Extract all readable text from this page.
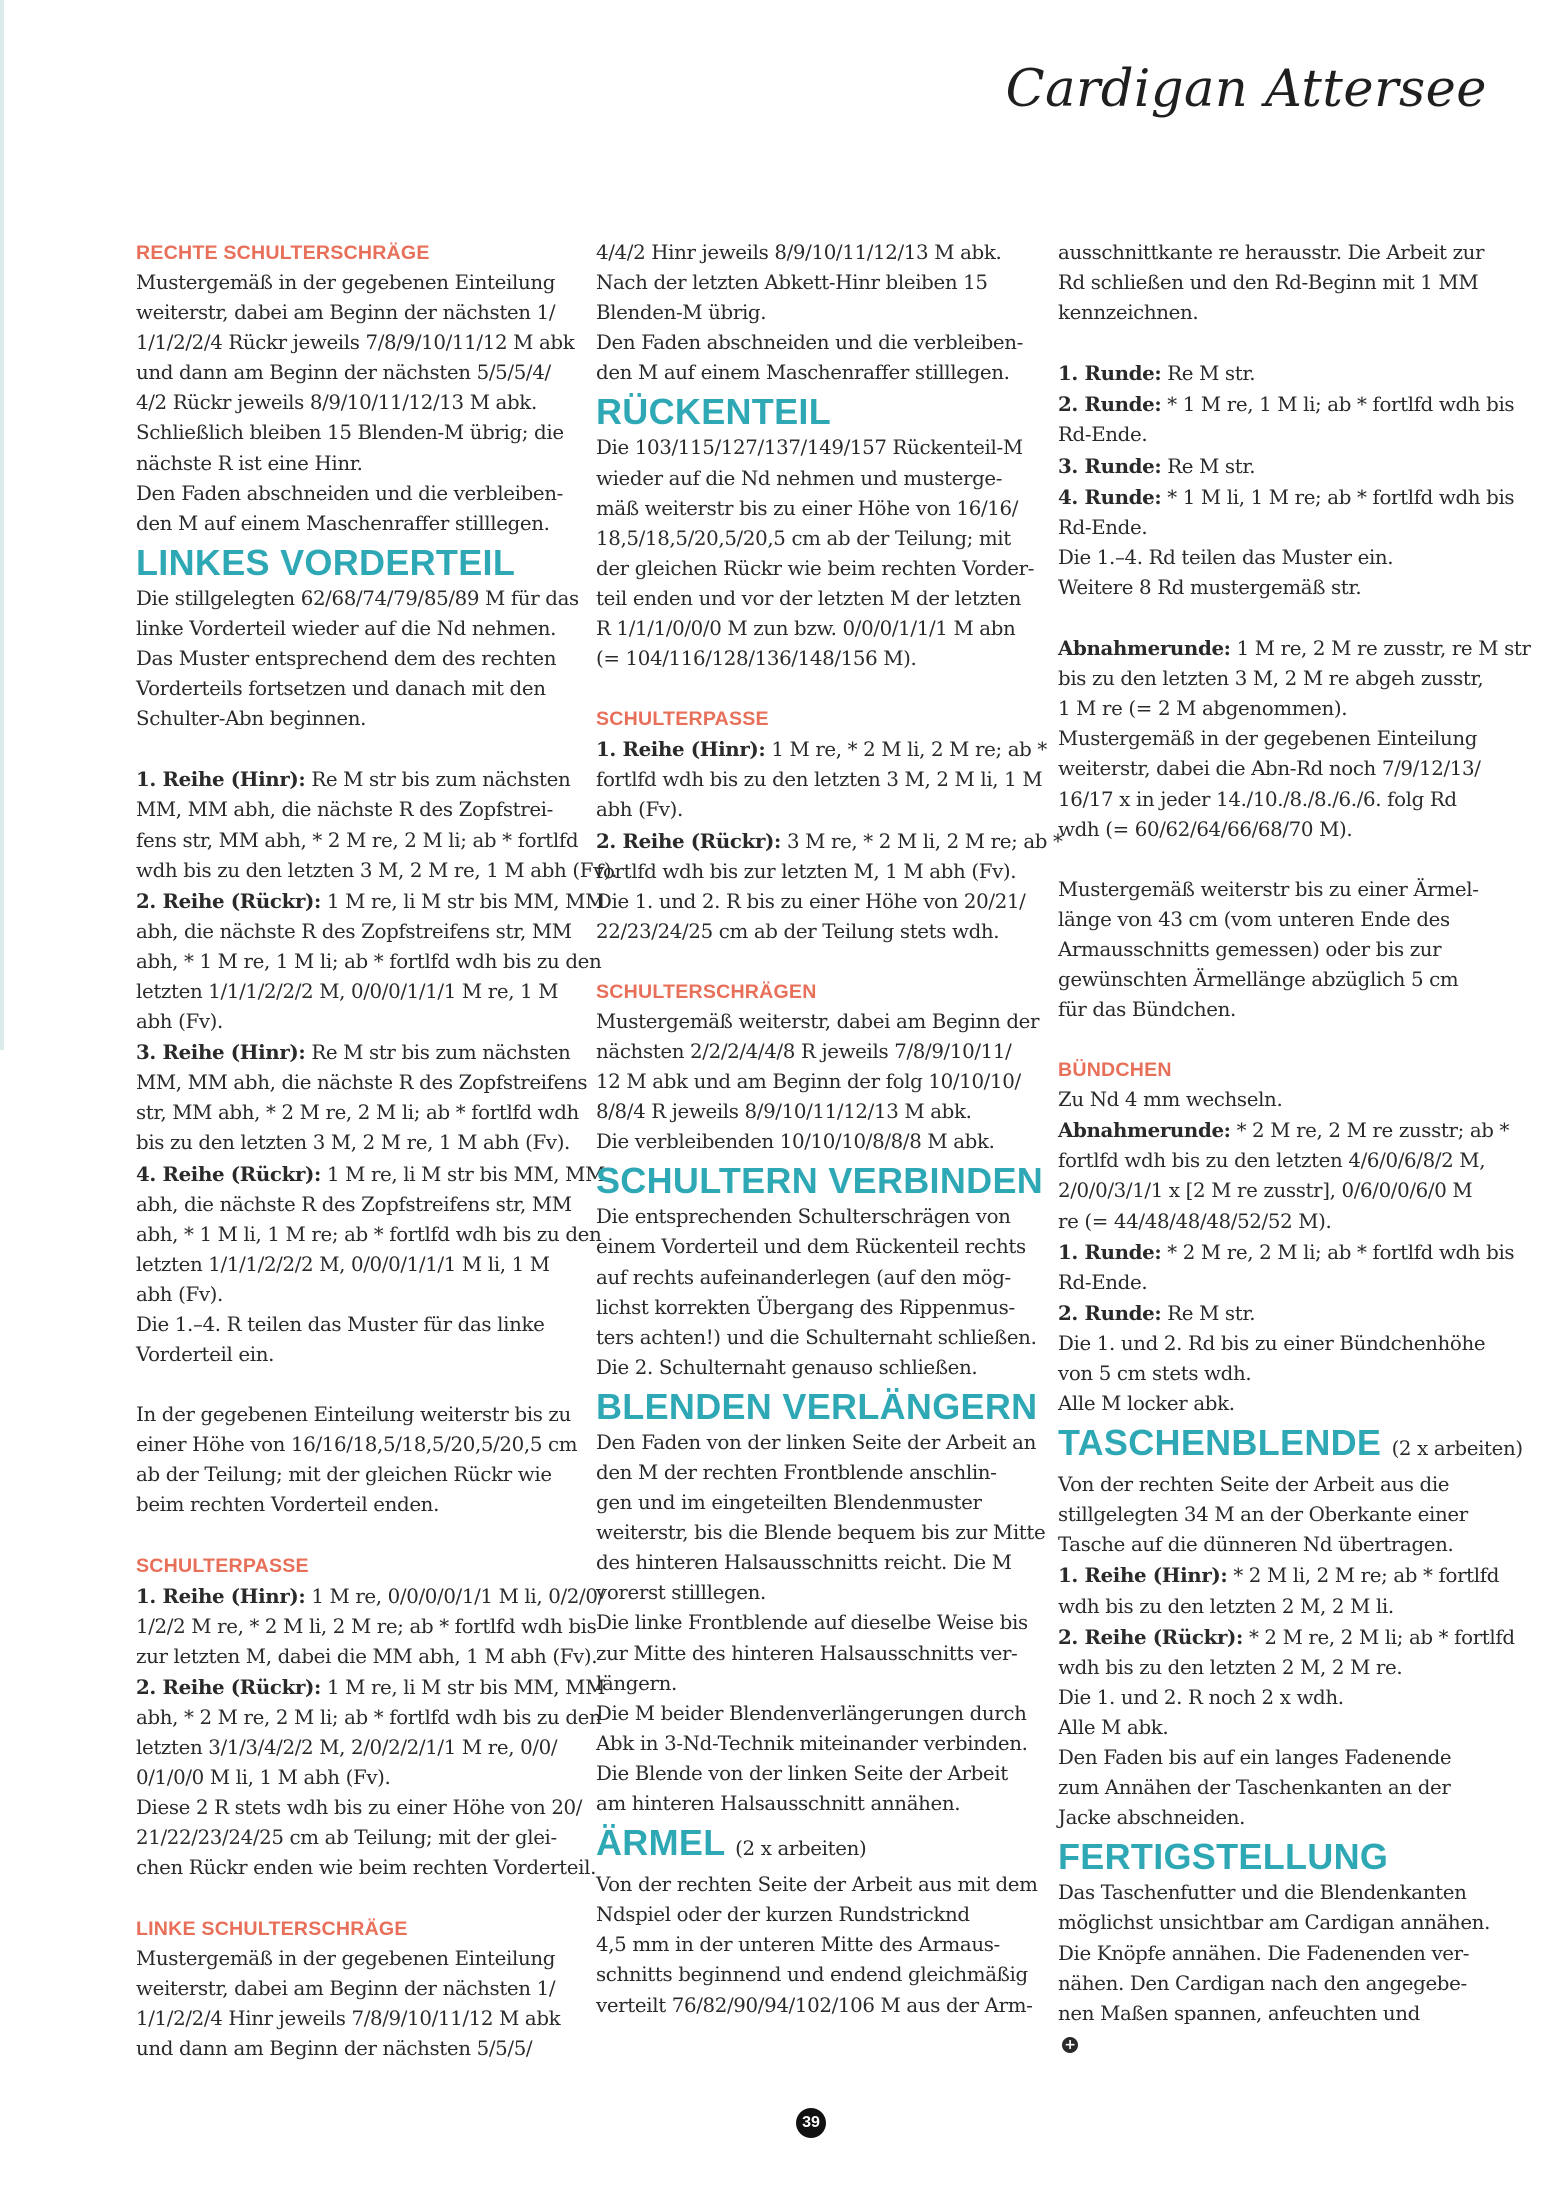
Cardigan Attersee
RECHTE SCHULTERSCHRÄGE
Mustergemäß in der gegebenen Einteilung
weiterstr, dabei am Beginn der nächsten 1/
1/1/2/2/4 Rückr jeweils 7/8/9/10/11/12 M abk
und dann am Beginn der nächsten 5/5/5/4/
4/2 Rückr jeweils 8/9/10/11/12/13 M abk.
Schließlich bleiben 15 Blenden-M übrig; die
nächste R ist eine Hinr.
Den Faden abschneiden und die verbleiben-
den M auf einem Maschenraffer stilllegen.
LINKES VORDERTEIL
Die stillgelegten 62/68/74/79/85/89 M für das
linke Vorderteil wieder auf die Nd nehmen.
Das Muster entsprechend dem des rechten
Vorderteils fortsetzen und danach mit den
Schulter-Abn beginnen.
1. Reihe (Hinr): Re M str bis zum nächsten
MM, MM abh, die nächste R des Zopfstrei-
fens str, MM abh, * 2 M re, 2 M li; ab * fortlfd
wdh bis zu den letzten 3 M, 2 M re, 1 M abh (Fv).
2. Reihe (Rückr): 1 M re, li M str bis MM, MM
abh, die nächste R des Zopfstreifens str, MM
abh, * 1 M re, 1 M li; ab * fortlfd wdh bis zu den
letzten 1/1/1/2/2/2 M, 0/0/0/1/1/1 M re, 1 M
abh (Fv).
3. Reihe (Hinr): Re M str bis zum nächsten
MM, MM abh, die nächste R des Zopfstreifens
str, MM abh, * 2 M re, 2 M li; ab * fortlfd wdh
bis zu den letzten 3 M, 2 M re, 1 M abh (Fv).
4. Reihe (Rückr): 1 M re, li M str bis MM, MM
abh, die nächste R des Zopfstreifens str, MM
abh, * 1 M li, 1 M re; ab * fortlfd wdh bis zu den
letzten 1/1/1/2/2/2 M, 0/0/0/1/1/1 M li, 1 M
abh (Fv).
Die 1.–4. R teilen das Muster für das linke
Vorderteil ein.
In der gegebenen Einteilung weiterstr bis zu
einer Höhe von 16/16/18,5/18,5/20,5/20,5 cm
ab der Teilung; mit der gleichen Rückr wie
beim rechten Vorderteil enden.
SCHULTERPASSE
1. Reihe (Hinr): 1 M re, 0/0/0/0/1/1 M li, 0/2/0/
1/2/2 M re, * 2 M li, 2 M re; ab * fortlfd wdh bis
zur letzten M, dabei die MM abh, 1 M abh (Fv).
2. Reihe (Rückr): 1 M re, li M str bis MM, MM
abh, * 2 M re, 2 M li; ab * fortlfd wdh bis zu den
letzten 3/1/3/4/2/2 M, 2/0/2/2/1/1 M re, 0/0/
0/1/0/0 M li, 1 M abh (Fv).
Diese 2 R stets wdh bis zu einer Höhe von 20/
21/22/23/24/25 cm ab Teilung; mit der glei-
chen Rückr enden wie beim rechten Vorderteil.
LINKE SCHULTERSCHRÄGE
Mustergemäß in der gegebenen Einteilung
weiterstr, dabei am Beginn der nächsten 1/
1/1/2/2/4 Hinr jeweils 7/8/9/10/11/12 M abk
und dann am Beginn der nächsten 5/5/5/
4/4/2 Hinr jeweils 8/9/10/11/12/13 M abk.
Nach der letzten Abkett-Hinr bleiben 15
Blenden-M übrig.
Den Faden abschneiden und die verbleiben-
den M auf einem Maschenraffer stilllegen.
RÜCKENTEIL
Die 103/115/127/137/149/157 Rückenteil-M
wieder auf die Nd nehmen und musterge-
mäß weiterstr bis zu einer Höhe von 16/16/
18,5/18,5/20,5/20,5 cm ab der Teilung; mit
der gleichen Rückr wie beim rechten Vorder-
teil enden und vor der letzten M der letzten
R 1/1/1/0/0/0 M zun bzw. 0/0/0/1/1/1 M abn
(= 104/116/128/136/148/156 M).
SCHULTERPASSE
1. Reihe (Hinr): 1 M re, * 2 M li, 2 M re; ab *
fortlfd wdh bis zu den letzten 3 M, 2 M li, 1 M
abh (Fv).
2. Reihe (Rückr): 3 M re, * 2 M li, 2 M re; ab *
fortlfd wdh bis zur letzten M, 1 M abh (Fv).
Die 1. und 2. R bis zu einer Höhe von 20/21/
22/23/24/25 cm ab der Teilung stets wdh.
SCHULTERSCHRÄGEN
Mustergemäß weiterstr, dabei am Beginn der
nächsten 2/2/2/4/4/8 R jeweils 7/8/9/10/11/
12 M abk und am Beginn der folg 10/10/10/
8/8/4 R jeweils 8/9/10/11/12/13 M abk.
Die verbleibenden 10/10/10/8/8/8 M abk.
SCHULTERN VERBINDEN
Die entsprechenden Schulterschrägen von
einem Vorderteil und dem Rückenteil rechts
auf rechts aufeinanderlegen (auf den mög-
lichst korrekten Übergang des Rippenmus-
ters achten!) und die Schulternaht schließen.
Die 2. Schulternaht genauso schließen.
BLENDEN VERLÄNGERN
Den Faden von der linken Seite der Arbeit an
den M der rechten Frontblende anschlin-
gen und im eingeteilten Blendenmuster
weiterstr, bis die Blende bequem bis zur Mitte
des hinteren Halsausschnitts reicht. Die M
vorerst stilllegen.
Die linke Frontblende auf dieselbe Weise bis
zur Mitte des hinteren Halsausschnitts ver-
längern.
Die M beider Blendenverlängerungen durch
Abk in 3-Nd-Technik miteinander verbinden.
Die Blende von der linken Seite der Arbeit
am hinteren Halsausschnitt annähen.
ÄRMEL (2 x arbeiten)
Von der rechten Seite der Arbeit aus mit dem
Ndspiel oder der kurzen Rundstricknd
4,5 mm in der unteren Mitte des Armaus-
schnitts beginnend und endend gleichmäßig
verteilt 76/82/90/94/102/106 M aus der Arm-
ausschnittkante re herausstr. Die Arbeit zur
Rd schließen und den Rd-Beginn mit 1 MM
kennzeichnen.
1. Runde: Re M str.
2. Runde: * 1 M re, 1 M li; ab * fortlfd wdh bis
Rd-Ende.
3. Runde: Re M str.
4. Runde: * 1 M li, 1 M re; ab * fortlfd wdh bis
Rd-Ende.
Die 1.–4. Rd teilen das Muster ein.
Weitere 8 Rd mustergemäß str.
Abnahmerunde: 1 M re, 2 M re zusstr, re M str
bis zu den letzten 3 M, 2 M re abgeh zusstr,
1 M re (= 2 M abgenommen).
Mustergemäß in der gegebenen Einteilung
weiterstr, dabei die Abn-Rd noch 7/9/12/13/
16/17 x in jeder 14./10./8./8./6./6. folg Rd
wdh (= 60/62/64/66/68/70 M).
Mustergemäß weiterstr bis zu einer Ärmel-
länge von 43 cm (vom unteren Ende des
Armausschnitts gemessen) oder bis zur
gewünschten Ärmellänge abzüglich 5 cm
für das Bündchen.
BÜNDCHEN
Zu Nd 4 mm wechseln.
Abnahmerunde: * 2 M re, 2 M re zusstr; ab *
fortlfd wdh bis zu den letzten 4/6/0/6/8/2 M,
2/0/0/3/1/1 x [2 M re zusstr], 0/6/0/0/6/0 M
re (= 44/48/48/48/52/52 M).
1. Runde: * 2 M re, 2 M li; ab * fortlfd wdh bis
Rd-Ende.
2. Runde: Re M str.
Die 1. und 2. Rd bis zu einer Bündchenhöhe
von 5 cm stets wdh.
Alle M locker abk.
TASCHENBLENDE (2 x arbeiten)
Von der rechten Seite der Arbeit aus die
stillgelegten 34 M an der Oberkante einer
Tasche auf die dünneren Nd übertragen.
1. Reihe (Hinr): * 2 M li, 2 M re; ab * fortlfd
wdh bis zu den letzten 2 M, 2 M li.
2. Reihe (Rückr): * 2 M re, 2 M li; ab * fortlfd
wdh bis zu den letzten 2 M, 2 M re.
Die 1. und 2. R noch 2 x wdh.
Alle M abk.
Den Faden bis auf ein langes Fadenende
zum Annähen der Taschenkanten an der
Jacke abschneiden.
FERTIGSTELLUNG
Das Taschenfutter und die Blendenkanten
möglichst unsichtbar am Cardigan annähen.
Die Knöpfe annähen. Die Fadenenden ver-
nähen. Den Cardigan nach den angegebe-
nen Maßen spannen, anfeuchten und
+
39
